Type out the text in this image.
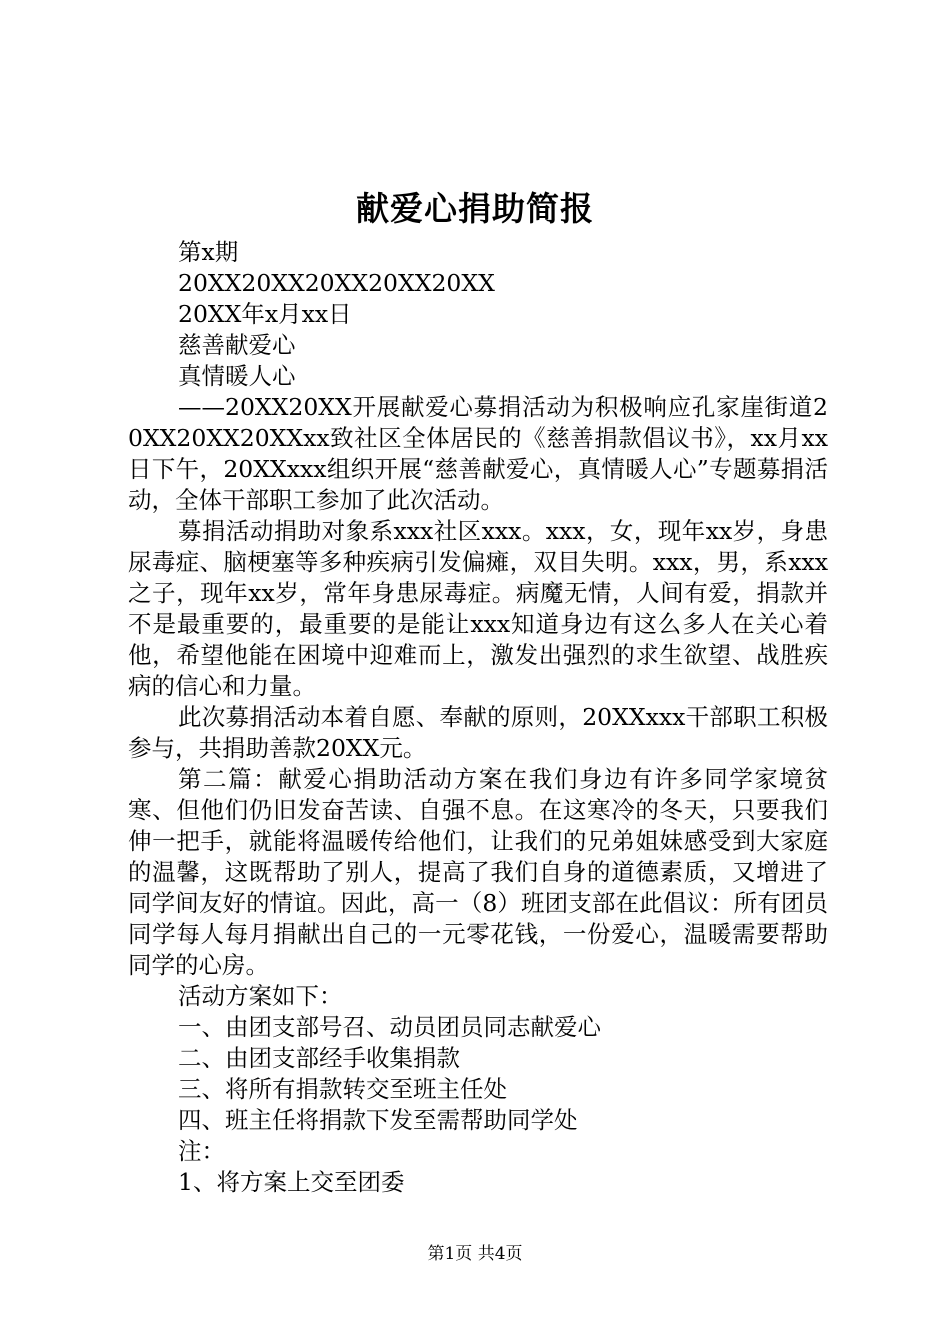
献爱心捐助简报

第x期

20XX20XX20XX20XX20XX

20XX年x月xx日

慈善献爱心

真情暖人心

——20XX20XX开展献爱心募捐活动为积极响应孔家崖街道20XX20XX20XXxx致社区全体居民的《慈善捐款倡议书》，xx月xx日下午，20XXxxx组织开展“慈善献爱心，真情暖人心”专题募捐活动，全体干部职工参加了此次活动。

募捐活动捐助对象系xxx社区xxx。xxx，女，现年xx岁，身患尿毒症、脑梗塞等多种疾病引发偏瘫，双目失明。xxx，男，系xxx之子，现年xx岁，常年身患尿毒症。病魔无情，人间有爱，捐款并不是最重要的，最重要的是能让xxx知道身边有这么多人在关心着他，希望他能在困境中迎难而上，激发出强烈的求生欲望、战胜疾病的信心和力量。

此次募捐活动本着自愿、奉献的原则，20XXxxx干部职工积极参与，共捐助善款20XX元。

第二篇：献爱心捐助活动方案在我们身边有许多同学家境贫寒、但他们仍旧发奋苦读、自强不息。在这寒冷的冬天，只要我们伸一把手，就能将温暖传给他们，让我们的兄弟姐妹感受到大家庭的温馨，这既帮助了别人，提高了我们自身的道德素质，又增进了同学间友好的情谊。因此，高一（8）班团支部在此倡议：所有团员同学每人每月捐献出自己的一元零花钱，一份爱心，温暖需要帮助同学的心房。

活动方案如下：

一、由团支部号召、动员团员同志献爱心

二、由团支部经手收集捐款

三、将所有捐款转交至班主任处

四、班主任将捐款下发至需帮助同学处

注：

1、将方案上交至团委

第1页 共4页
